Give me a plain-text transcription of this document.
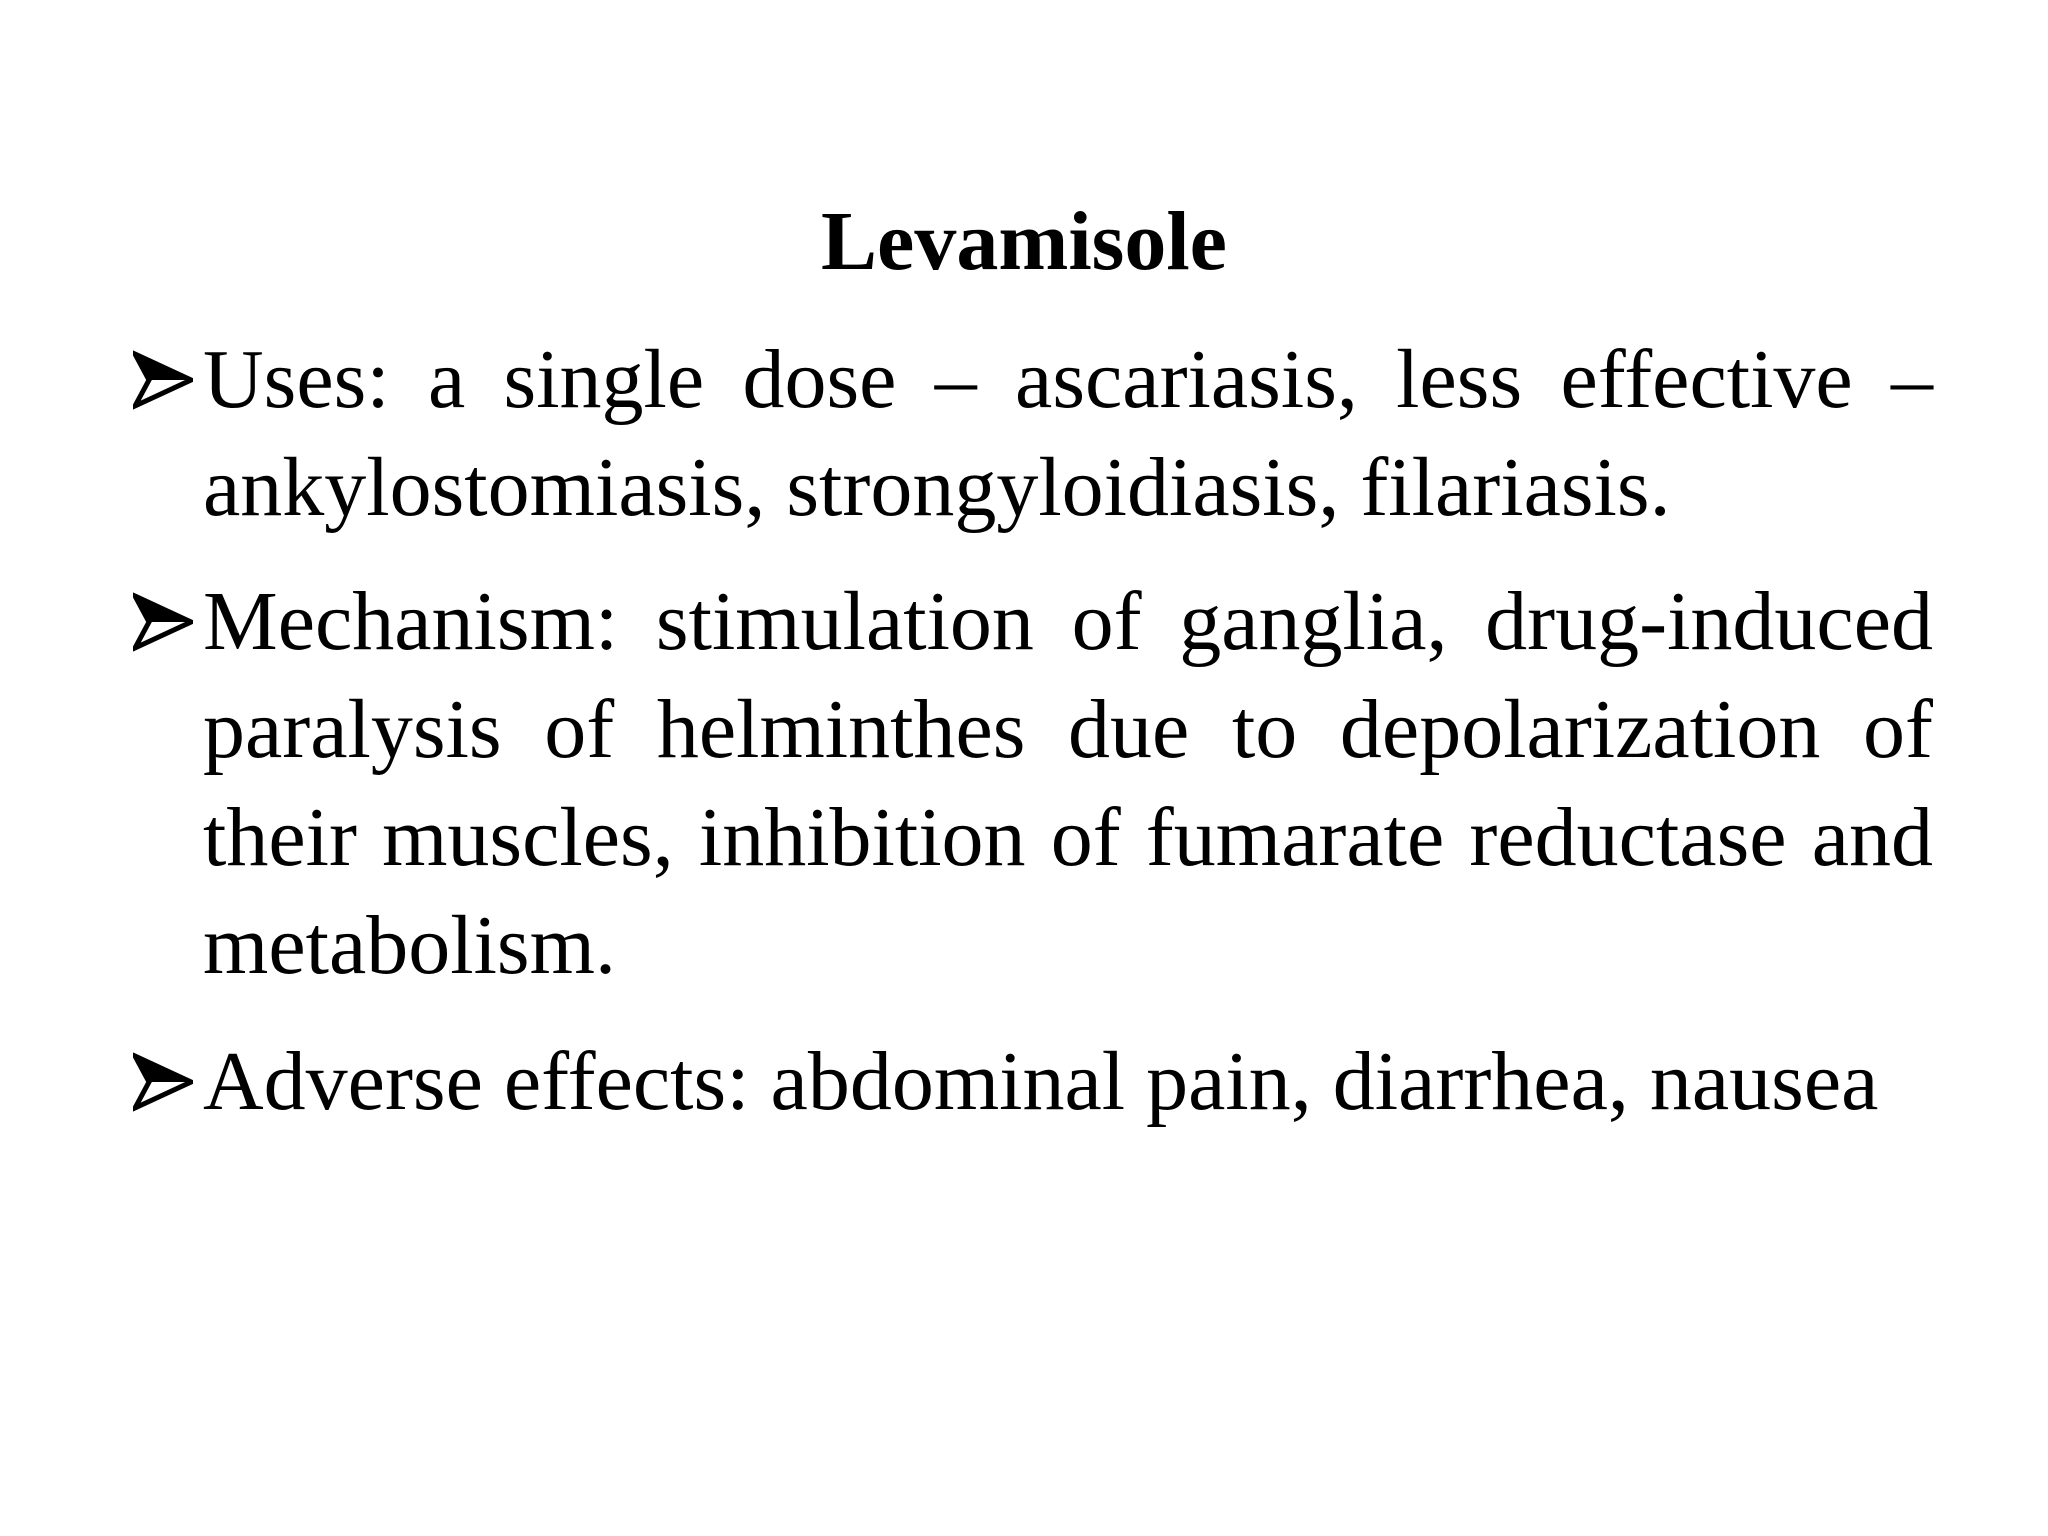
Levamisole
Uses: a single dose – ascariasis, less effective – ankylostomiasis, strongyloidiasis, filariasis.
Mechanism: stimulation of ganglia, drug-induced paralysis of helminthes due to depolarization of their muscles, inhibition of fumarate reductase and metabolism.
Adverse effects: abdominal pain, diarrhea, nausea
